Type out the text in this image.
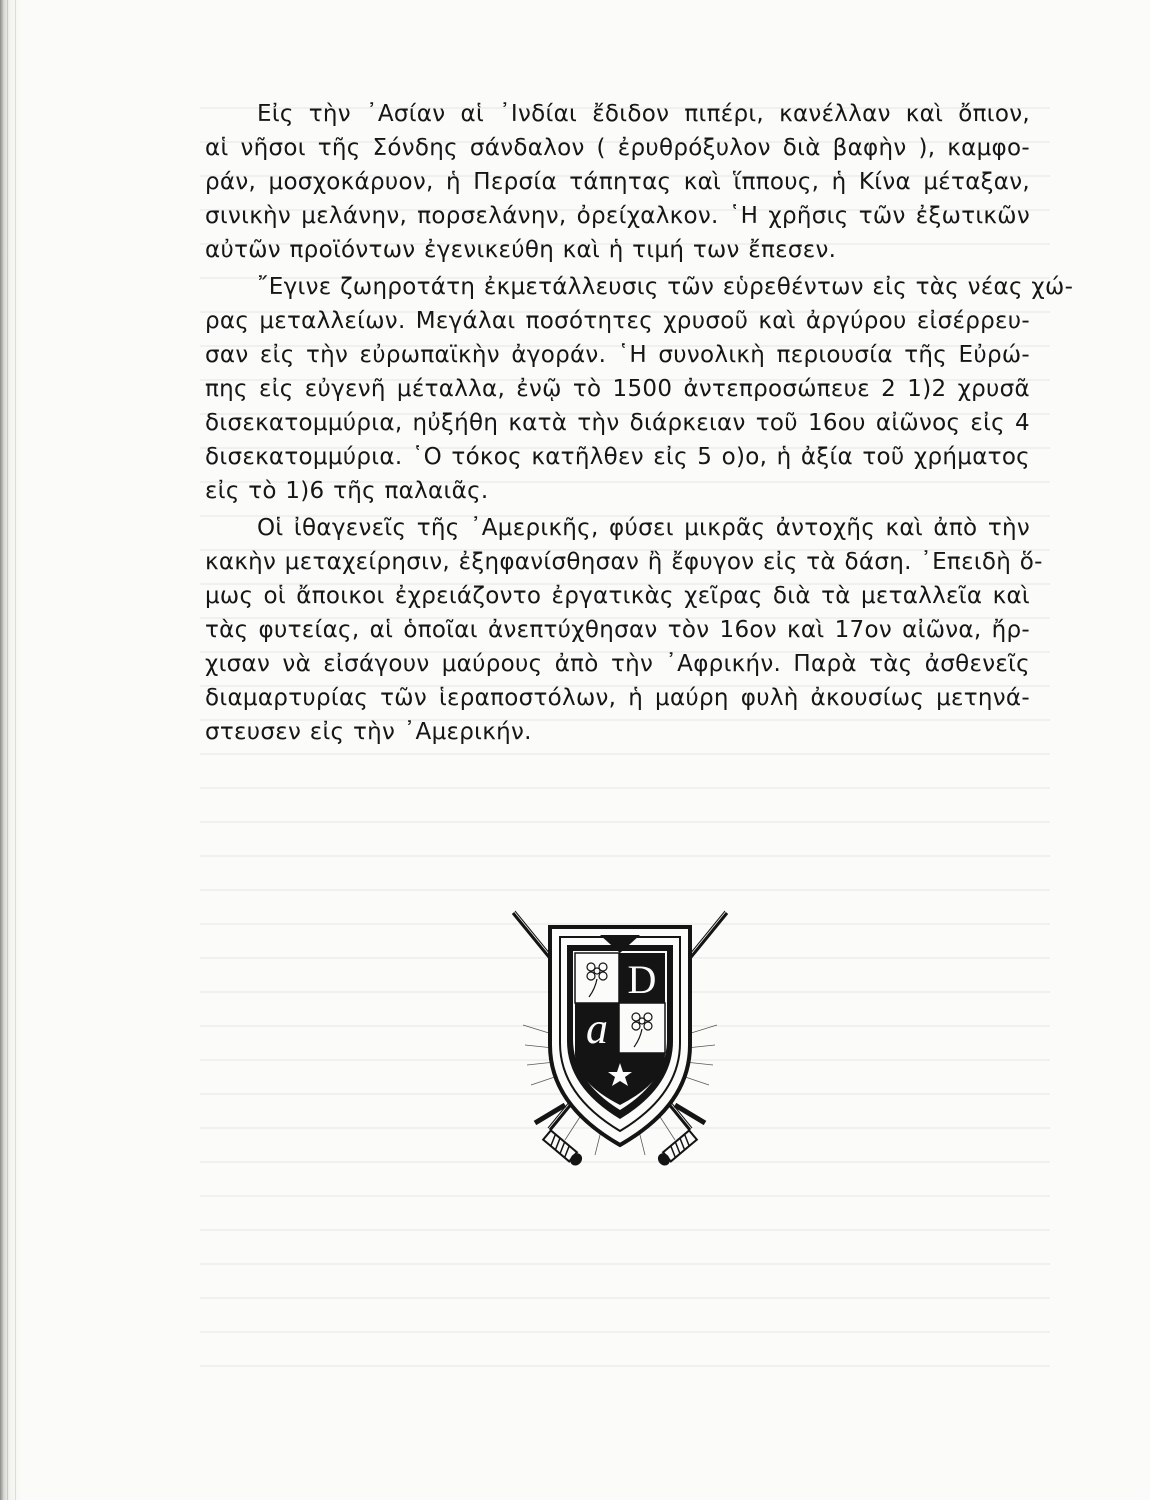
Εἰς τὴν ᾿Ασίαν αἱ ᾿Ινδίαι ἔδιδον πιπέρι, κανέλλαν καὶ ὄπιον,
αἱ νῆσοι τῆς Σόνδης σάνδαλον ( ἐρυθρόξυλον διὰ βαφὴν ), καμφο-
ράν, μοσχοκάρυον, ἡ Περσία τάπητας καὶ ἵππους, ἡ Κίνα μέταξαν,
σινικὴν μελάνην, πορσελάνην, ὀρείχαλκον. ῾Η χρῆσις τῶν ἐξωτικῶν
αὐτῶν προϊόντων ἐγενικεύθη καὶ ἡ τιμή των ἔπεσεν.
῎Εγινε ζωηροτάτη ἐκμετάλλευσις τῶν εὑρεθέντων εἰς τὰς νέας χώ-
ρας μεταλλείων. Μεγάλαι ποσότητες χρυσοῦ καὶ ἀργύρου εἰσέρρευ-
σαν εἰς τὴν εὐρωπαϊκὴν ἀγοράν. ῾Η συνολικὴ περιουσία τῆς Εὐρώ-
πης εἰς εὐγενῆ μέταλλα, ἐνῷ τὸ 1500 ἀντεπροσώπευε 2 1)2 χρυσᾶ
δισεκατομμύρια, ηὐξήθη κατὰ τὴν διάρκειαν τοῦ 16ου αἰῶνος εἰς 4
δισεκατομμύρια. ῾Ο τόκος κατῆλθεν εἰς 5 ο)ο, ἡ ἀξία τοῦ χρήματος
εἰς τὸ 1)6 τῆς παλαιᾶς.
Οἱ ἰθαγενεῖς τῆς ᾿Αμερικῆς, φύσει μικρᾶς ἀντοχῆς καὶ ἀπὸ τὴν
κακὴν μεταχείρησιν, ἐξηφανίσθησαν ἢ ἔφυγον εἰς τὰ δάση. ᾿Επειδὴ ὅ-
μως οἱ ἄποικοι ἐχρειάζοντο ἐργατικὰς χεῖρας διὰ τὰ μεταλλεῖα καὶ
τὰς φυτείας, αἱ ὁποῖαι ἀνεπτύχθησαν τὸν 16ον καὶ 17ον αἰῶνα, ἤρ-
χισαν νὰ εἰσάγουν μαύρους ἀπὸ τὴν ᾿Αφρικήν. Παρὰ τὰς ἀσθενεῖς
διαμαρτυρίας τῶν ἱεραποστόλων, ἡ μαύρη φυλὴ ἀκουσίως μετηνά-
στευσεν εἰς τὴν ᾿Αμερικήν.
D
a
